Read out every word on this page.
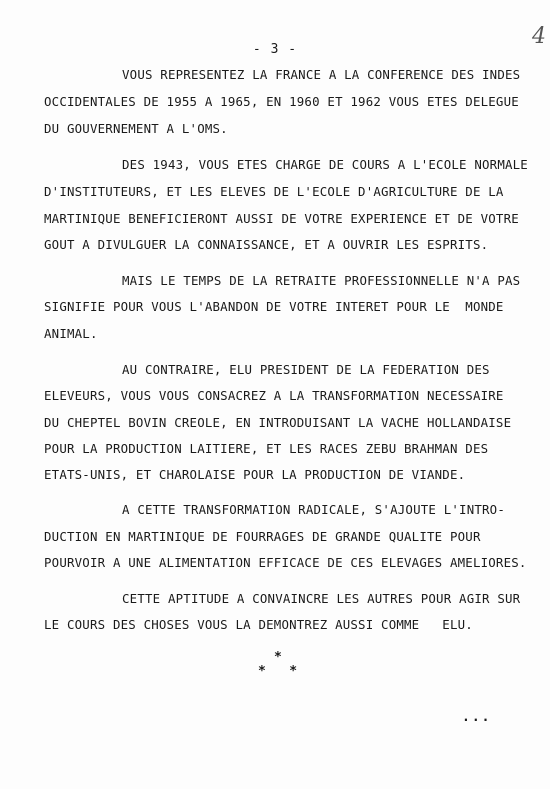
- 3 -
4
VOUS REPRESENTEZ LA FRANCE A LA CONFERENCE DES INDES
OCCIDENTALES DE 1955 A 1965, EN 1960 ET 1962 VOUS ETES DELEGUE
DU GOUVERNEMENT A L'OMS.
DES 1943, VOUS ETES CHARGE DE COURS A L'ECOLE NORMALE
D'INSTITUTEURS, ET LES ELEVES DE L'ECOLE D'AGRICULTURE DE LA
MARTINIQUE BENEFICIERONT AUSSI DE VOTRE EXPERIENCE ET DE VOTRE
GOUT A DIVULGUER LA CONNAISSANCE, ET A OUVRIR LES ESPRITS.
MAIS LE TEMPS DE LA RETRAITE PROFESSIONNELLE N'A PAS
SIGNIFIE POUR VOUS L'ABANDON DE VOTRE INTERET POUR LE  MONDE
ANIMAL.
AU CONTRAIRE, ELU PRESIDENT DE LA FEDERATION DES
ELEVEURS, VOUS VOUS CONSACREZ A LA TRANSFORMATION NECESSAIRE
DU CHEPTEL BOVIN CREOLE, EN INTRODUISANT LA VACHE HOLLANDAISE
POUR LA PRODUCTION LAITIERE, ET LES RACES ZEBU BRAHMAN DES
ETATS-UNIS, ET CHAROLAISE POUR LA PRODUCTION DE VIANDE.
A CETTE TRANSFORMATION RADICALE, S'AJOUTE L'INTRO-
DUCTION EN MARTINIQUE DE FOURRAGES DE GRANDE QUALITE POUR
POURVOIR A UNE ALIMENTATION EFFICACE DE CES ELEVAGES AMELIORES.
CETTE APTITUDE A CONVAINCRE LES AUTRES POUR AGIR SUR
LE COURS DES CHOSES VOUS LA DEMONTREZ AUSSI COMME   ELU.
*
*   *
...
